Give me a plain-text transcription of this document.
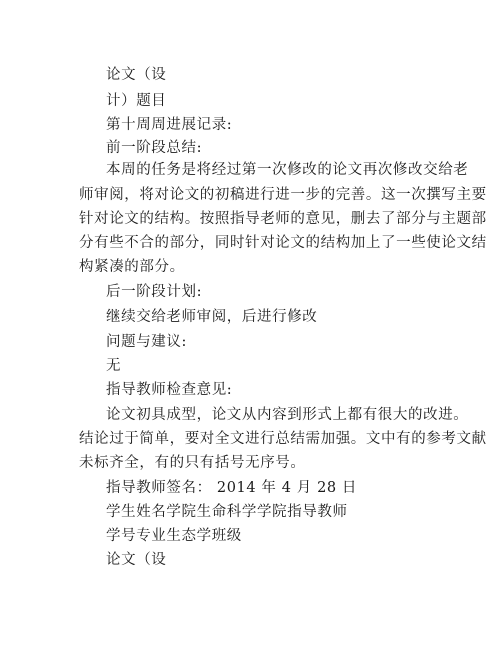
论文（设
计）题目
第十周周进展记录:
前一阶段总结:
本周的任务是将经过第一次修改的论文再次修改交给老
师审阅，将对论文的初稿进行进一步的完善。这一次撰写主要
针对论文的结构。按照指导老师的意见，删去了部分与主题部
分有些不合的部分，同时针对论文的结构加上了一些使论文结
构紧凑的部分。
后一阶段计划:
继续交给老师审阅，后进行修改
问题与建议:
无
指导教师检查意见:
论文初具成型，论文从内容到形式上都有很大的改进。
结论过于简单，要对全文进行总结需加强。文中有的参考文献
未标齐全，有的只有括号无序号。
指导教师签名： 2014 年 4 月 28 日
学生姓名学院生命科学学院指导教师
学号专业生态学班级
论文（设
